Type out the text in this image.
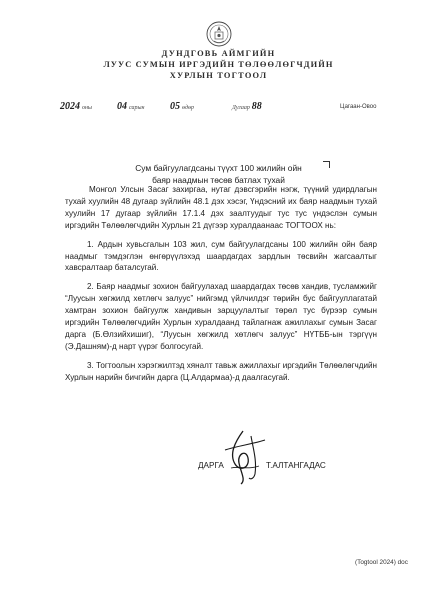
ДУНДГОВЬ АЙМГИЙН
ЛУУС СУМЫН ИРГЭДИЙН ТӨЛӨӨЛӨГЧДИЙН
ХУРЛЫН ТОГТООЛ
2024 оны	04 сарын	05 өдөр	Дугаар 88	Цагаан-Овоо
Сум байгуулагдсаны түүхт 100 жилийн ойн
баяр наадмын төсөв батлах тухай

Монгол Улсын Засаг захиргаа, нутаг дэвсгэрийн нэгж, түүний удирдлагын тухай хуулийн 48 дугаар зүйлийн 48.1 дэх хэсэг, Үндэсний их баяр наадмын тухай хуулийн 17 дугаар зүйлийн 17.1.4 дэх заалтуудыг тус тус үндэслэн сумын иргэдийн Төлөөлөгчдийн Хурлын 21 дүгээр хуралдаанаас ТОГТООХ нь:

1. Ардын хувьсгалын 103 жил, сум байгуулагдсаны 100 жилийн ойн баяр наадмыг тэмдэглэн өнгөрүүлэхэд шаардагдах зардлын төсвийн жагсаалтыг хавсралтаар баталсугай.

2. Баяр наадмыг зохион байгуулахад шаардагдах төсөв хандив, тусламжийг “Луусын хөгжилд хөтлөгч залуус” нийгэмд үйлчилдэг төрийн бус байгууллагатай хамтран зохион байгуулж хандивын зарцуулалтыг төрөл тус бүрээр сумын иргэдийн Төлөөлөгчдийн Хурлын хуралдаанд тайлагнаж ажиллахыг сумын Засаг дарга (Б.Өлзийхишиг), “Луусын хөгжилд хөтлөгч залуус” НҮТББ-ын тэргүүн (Э.Дашням)-д нарт үүрэг болгосугай.

3. Тогтоолын хэрэгжилтэд хяналт тавьж ажиллахыг иргэдийн Төлөөлөгчдийн Хурлын нарийн бичгийн дарга (Ц.Алдармаа)-д даалгасугай.

ДАРГА	Т.АЛТАНГАДАС
(Togtool 2024) doc
